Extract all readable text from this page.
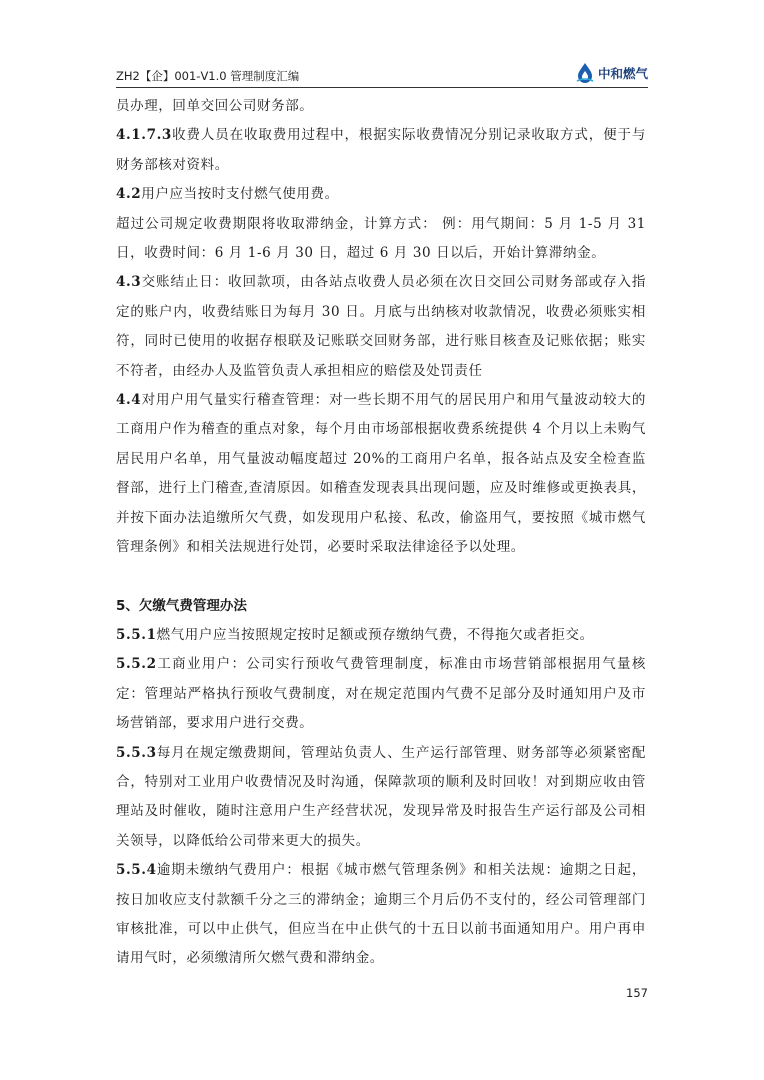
ZH2【企】001-V1.0 管理制度汇编	中和燃气

员办理，回单交回公司财务部。

4.1.7.3收费人员在收取费用过程中，根据实际收费情况分别记录收取方式，便于与财务部核对资料。

4.2用户应当按时支付燃气使用费。

超过公司规定收费期限将收取滞纳金，计算方式： 例：用气期间：5 月 1-5 月 31 日，收费时间：6 月 1-6 月 30 日，超过 6 月 30 日以后，开始计算滞纳金。

4.3交账结止日：收回款项，由各站点收费人员必须在次日交回公司财务部或存入指定的账户内，收费结账日为每月 30 日。月底与出纳核对收款情况，收费必须账实相符，同时已使用的收据存根联及记账联交回财务部，进行账目核查及记账依据；账实不符者，由经办人及监管负责人承担相应的赔偿及处罚责任

4.4对用户用气量实行稽查管理：对一些长期不用气的居民用户和用气量波动较大的工商用户作为稽查的重点对象，每个月由市场部根据收费系统提供 4 个月以上未购气居民用户名单，用气量波动幅度超过 20%的工商用户名单，报各站点及安全检查监督部，进行上门稽查,查清原因。如稽查发现表具出现问题，应及时维修或更换表具，并按下面办法追缴所欠气费，如发现用户私接、私改，偷盗用气，要按照《城市燃气管理条例》和相关法规进行处罚，必要时采取法律途径予以处理。

5、欠缴气费管理办法

5.5.1燃气用户应当按照规定按时足额或预存缴纳气费，不得拖欠或者拒交。

5.5.2工商业用户：公司实行预收气费管理制度，标准由市场营销部根据用气量核定：管理站严格执行预收气费制度，对在规定范围内气费不足部分及时通知用户及市场营销部，要求用户进行交费。

5.5.3每月在规定缴费期间，管理站负责人、生产运行部管理、财务部等必须紧密配合，特别对工业用户收费情况及时沟通，保障款项的顺利及时回收！对到期应收由管理站及时催收，随时注意用户生产经营状况，发现异常及时报告生产运行部及公司相关领导，以降低给公司带来更大的损失。

5.5.4逾期未缴纳气费用户：根据《城市燃气管理条例》和相关法规：逾期之日起，按日加收应支付款额千分之三的滞纳金；逾期三个月后仍不支付的，经公司管理部门审核批准，可以中止供气，但应当在中止供气的十五日以前书面通知用户。用户再申请用气时，必须缴清所欠燃气费和滞纳金。

157
